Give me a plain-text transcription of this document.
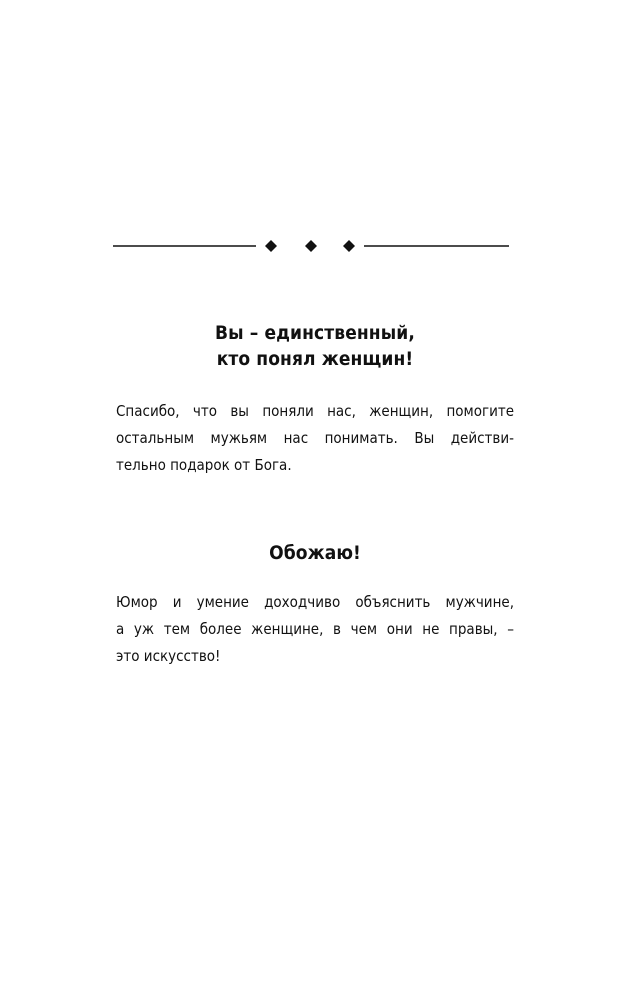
Вы – единственный,
кто понял женщин!

Спасибо, что вы поняли нас, женщин, помогите
остальным мужьям нас понимать. Вы действи-
тельно подарок от Бога.

Обожаю!

Юмор и умение доходчиво объяснить мужчине,
а уж тем более женщине, в чем они не правы, –
это искусство!
